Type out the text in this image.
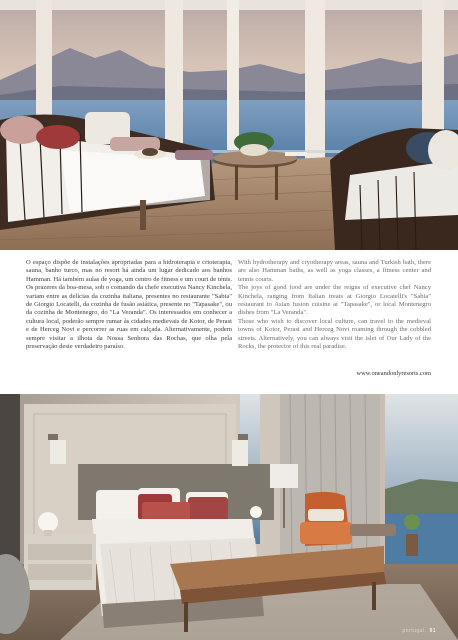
O espaço dispõe de instalações apropriadas para a hidroterapia e crioterapia, sauna, banho turco, mas no resort há ainda um lugar dedicado aos banhos Hamman. Há também aulas de yoga, um centro de fitness e um court de ténis. Os prazeres da boa-mesa, sob o comando da chefe executiva Nancy Kinchela, variam entre as delícias da cozinha italiana, presentes no restaurante "Sabia" de Giorgio Locatelli, da cozinha de fusão asiática, presente no "Tapasake", ou da cozinha de Montenegro, do "La Veranda". Os interessados em conhecer a cultura local, poderão sempre rumar às cidades medievais de Kotor, de Perast e de Herceg Novi e percorrer as ruas em calçada. Alternativamente, podem sempre visitar a ilhota da Nossa Senhora das Rochas, que olha pela preservação deste verdadeiro paraíso.

With hydrotherapy and cryotherapy areas, sauna and Turkish bath, there are also Hamman baths, as well as yoga classes, a fitness center and tennis courts.

The joys of good food are under the reigns of executive chef Nancy Kinchela, ranging from Italian treats at Giorgio Locatelli's "Sabia" restaurant to Asian fusion cuisine at "Tapasake", or local Montenegro dishes from "La Veranda".

Those who wish to discover local culture, can travel to the medieval towns of Kotor, Perast and Herceg Novi roaming through the cobbled streets. Alternatively, you can always visit the islet of Our Lady of the Rocks, the protector of this real paradise.

www.oneandonlyresorts.com
portugal. 91
